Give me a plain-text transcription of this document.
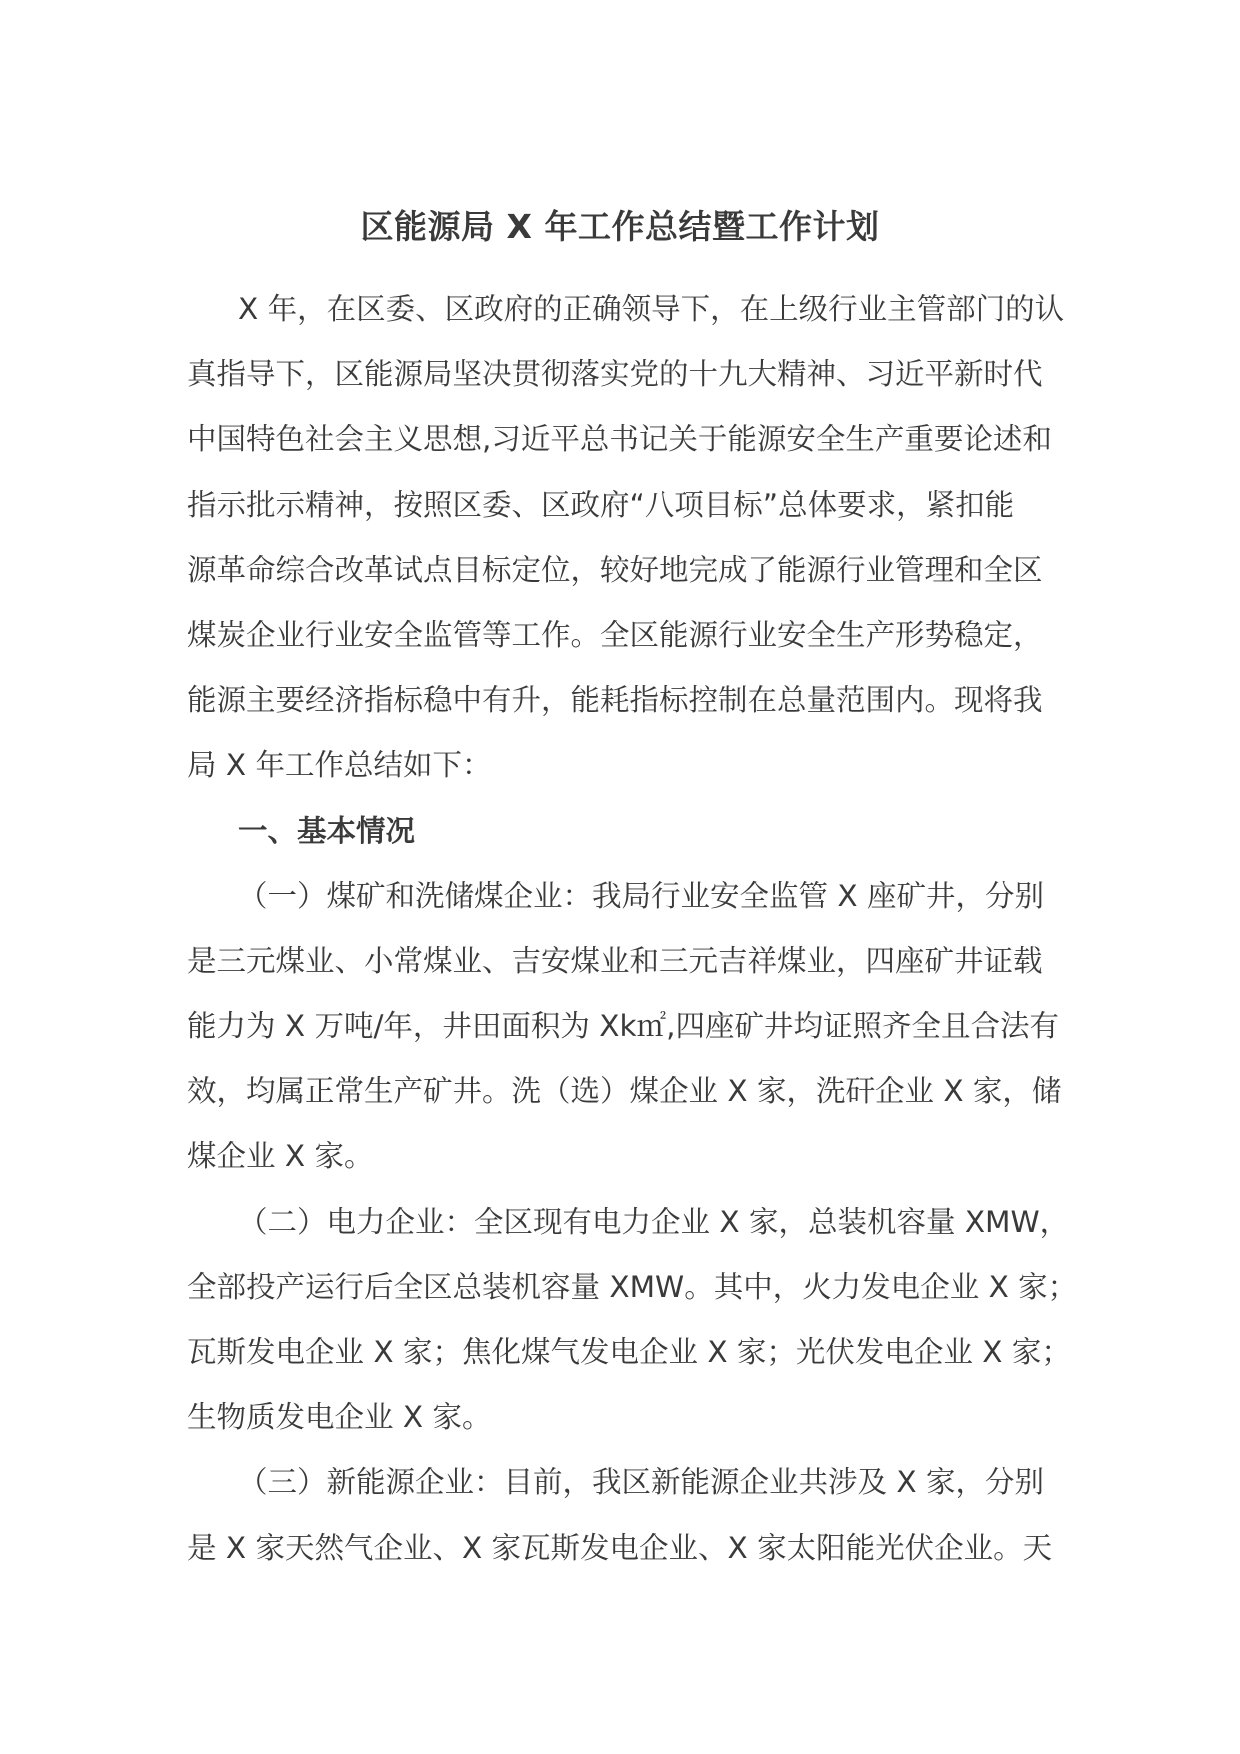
区能源局 X 年工作总结暨工作计划
X 年，在区委、区政府的正确领导下，在上级行业主管部门的认
真指导下，区能源局坚决贯彻落实党的十九大精神、习近平新时代
中国特色社会主义思想,习近平总书记关于能源安全生产重要论述和
指示批示精神，按照区委、区政府“八项目标”总体要求，紧扣能
源革命综合改革试点目标定位，较好地完成了能源行业管理和全区
煤炭企业行业安全监管等工作。全区能源行业安全生产形势稳定，
能源主要经济指标稳中有升，能耗指标控制在总量范围内。现将我
局 X 年工作总结如下：
一、基本情况
（一）煤矿和洗储煤企业：我局行业安全监管 X 座矿井，分别
是三元煤业、小常煤业、吉安煤业和三元吉祥煤业，四座矿井证载
能力为 X 万吨/年，井田面积为 Xk㎡,四座矿井均证照齐全且合法有
效，均属正常生产矿井。洗（选）煤企业 X 家，洗矸企业 X 家，储
煤企业 X 家。
（二）电力企业：全区现有电力企业 X 家，总装机容量 XMW，
全部投产运行后全区总装机容量 XMW。其中，火力发电企业 X 家；
瓦斯发电企业 X 家；焦化煤气发电企业 X 家；光伏发电企业 X 家；
生物质发电企业 X 家。
（三）新能源企业：目前，我区新能源企业共涉及 X 家，分别
是 X 家天然气企业、X 家瓦斯发电企业、X 家太阳能光伏企业。天
